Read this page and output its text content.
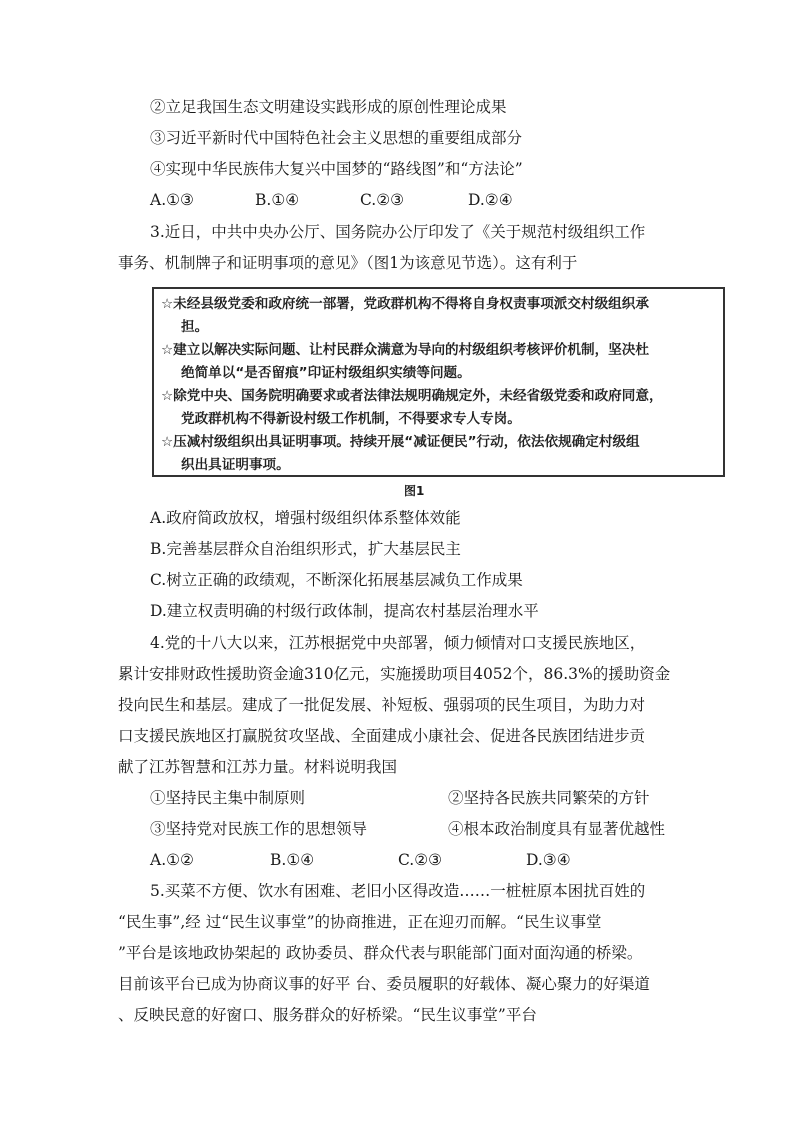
②立足我国生态文明建设实践形成的原创性理论成果
③习近平新时代中国特色社会主义思想的重要组成部分
④实现中华民族伟大复兴中国梦的“路线图”和“方法论”
A.①③	B.①④	C.②③	D.②④
3.近日，中共中央办公厅、国务院办公厅印发了《关于规范村级组织工作
事务、机制牌子和证明事项的意见》（图1为该意见节选）。这有利于
☆未经县级党委和政府统一部署，党政群机构不得将自身权责事项派交村级组织承
担。
☆建立以解决实际问题、让村民群众满意为导向的村级组织考核评价机制，坚决杜
绝简单以“是否留痕”印证村级组织实绩等问题。
☆除党中央、国务院明确要求或者法律法规明确规定外，未经省级党委和政府同意，
党政群机构不得新设村级工作机制，不得要求专人专岗。
☆压减村级组织出具证明事项。持续开展“减证便民”行动，依法依规确定村级组
织出具证明事项。
图1
A.政府简政放权，增强村级组织体系整体效能
B.完善基层群众自治组织形式，扩大基层民主
C.树立正确的政绩观，不断深化拓展基层减负工作成果
D.建立权责明确的村级行政体制，提高农村基层治理水平
4.党的十八大以来，江苏根据党中央部署，倾力倾情对口支援民族地区，
累计安排财政性援助资金逾310亿元，实施援助项目4052个，86.3%的援助资金
投向民生和基层。建成了一批促发展、补短板、强弱项的民生项目，为助力对
口支援民族地区打赢脱贫攻坚战、全面建成小康社会、促进各民族团结进步贡
献了江苏智慧和江苏力量。材料说明我国
①坚持民主集中制原则	②坚持各民族共同繁荣的方针
③坚持党对民族工作的思想领导	④根本政治制度具有显著优越性
A.①②	B.①④	C.②③	D.③④
5.买菜不方便、饮水有困难、老旧小区得改造……一桩桩原本困扰百姓的
“民生事”,经 过“民生议事堂”的协商推进，正在迎刃而解。“民生议事堂
”平台是该地政协架起的 政协委员、群众代表与职能部门面对面沟通的桥梁。
目前该平台已成为协商议事的好平 台、委员履职的好载体、凝心聚力的好渠道
、反映民意的好窗口、服务群众的好桥梁。“民生议事堂”平台
